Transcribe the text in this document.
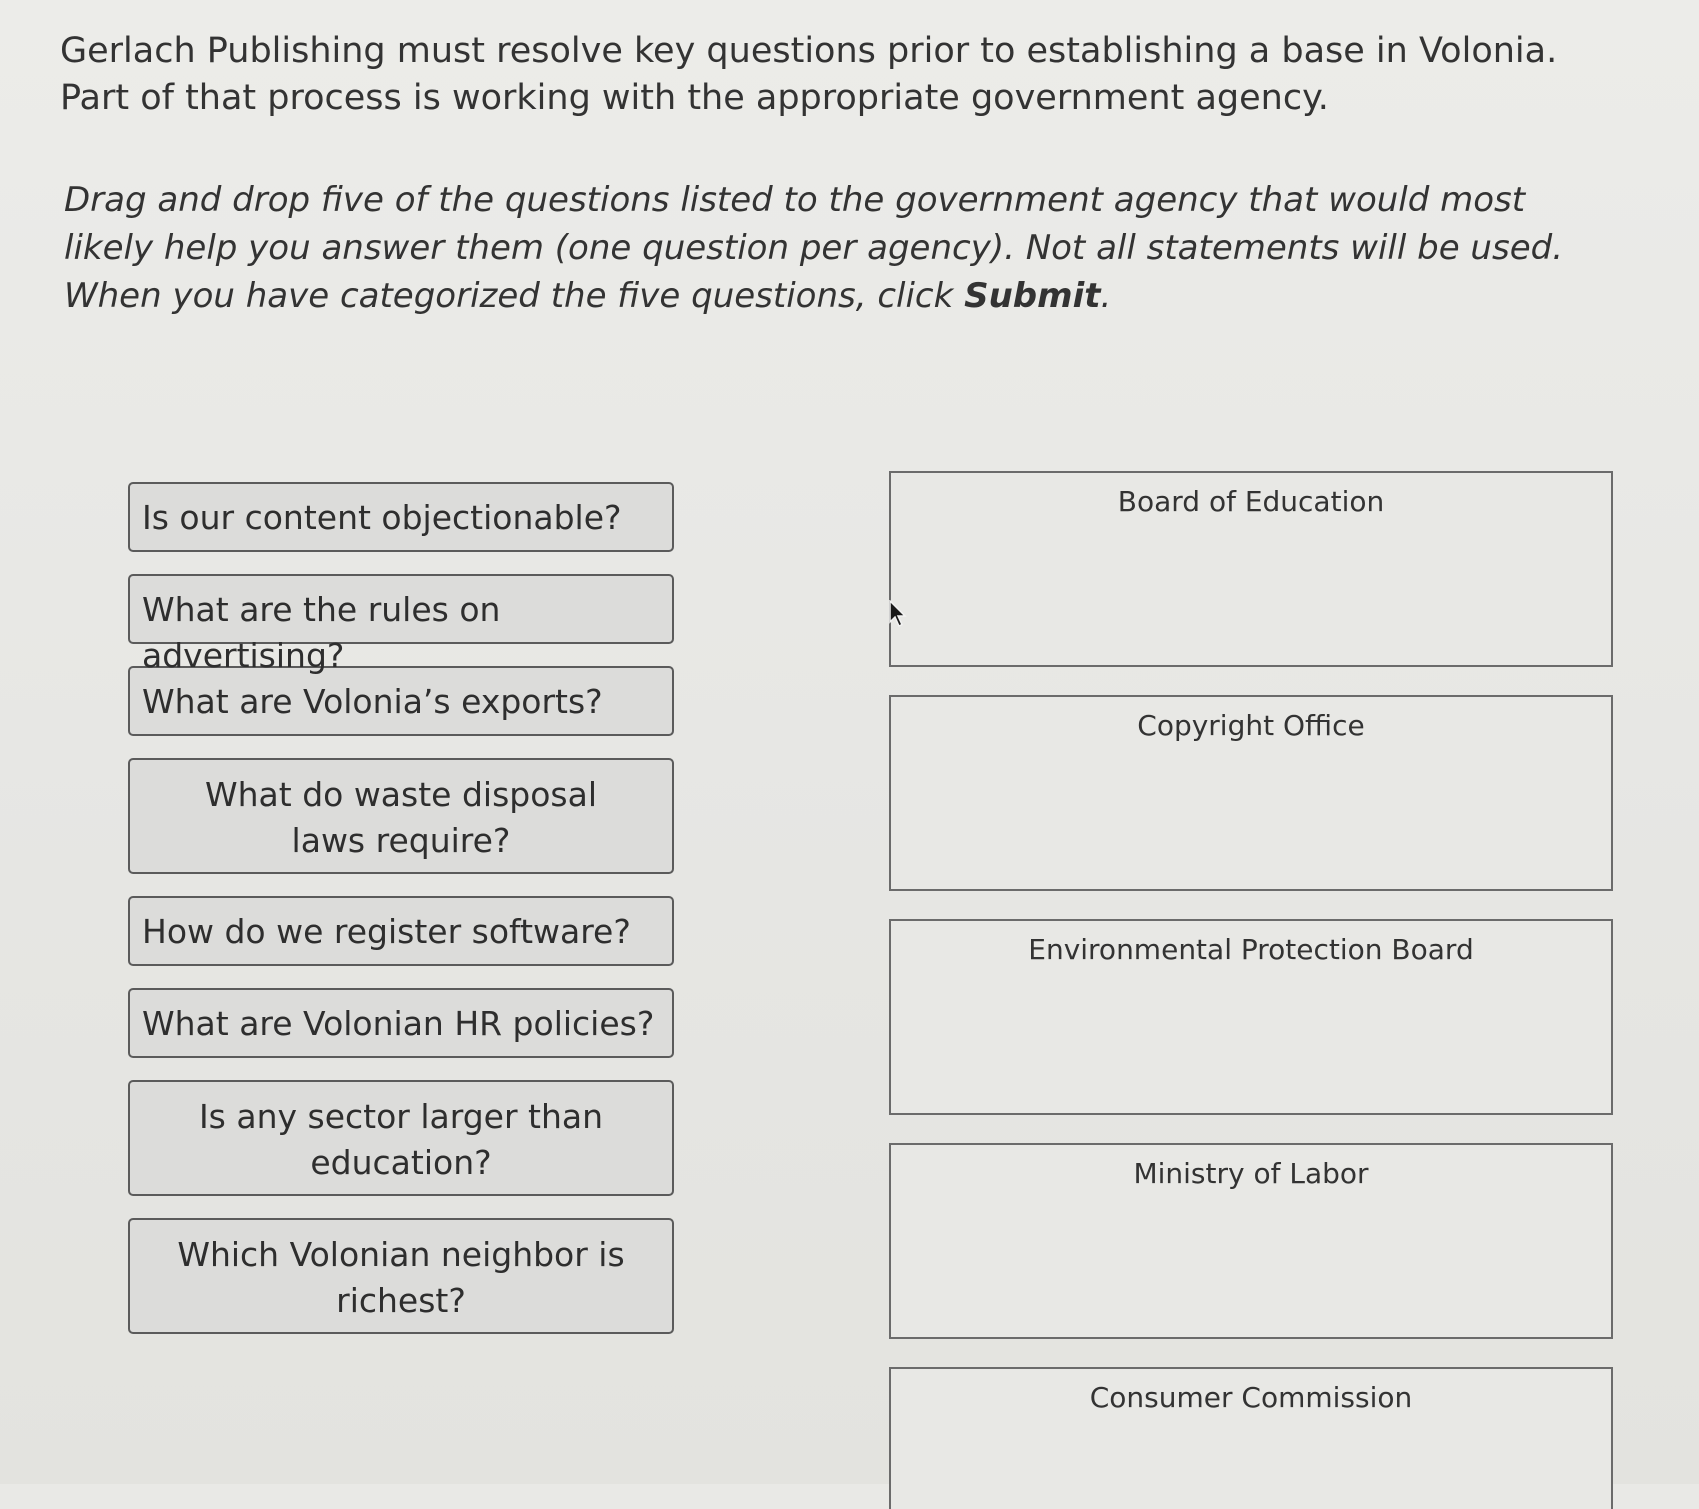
Gerlach Publishing must resolve key questions prior to establishing a base in Volonia. Part of that process is working with the appropriate government agency.

Drag and drop five of the questions listed to the government agency that would most likely help you answer them (one question per agency). Not all statements will be used. When you have categorized the five questions, click Submit.

Is our content objectionable?
What are the rules on advertising?
What are Volonia’s exports?
What do waste disposal laws require?
How do we register software?
What are Volonian HR policies?
Is any sector larger than education?
Which Volonian neighbor is richest?
Board of Education
Copyright Office
Environmental Protection Board
Ministry of Labor
Consumer Commission
